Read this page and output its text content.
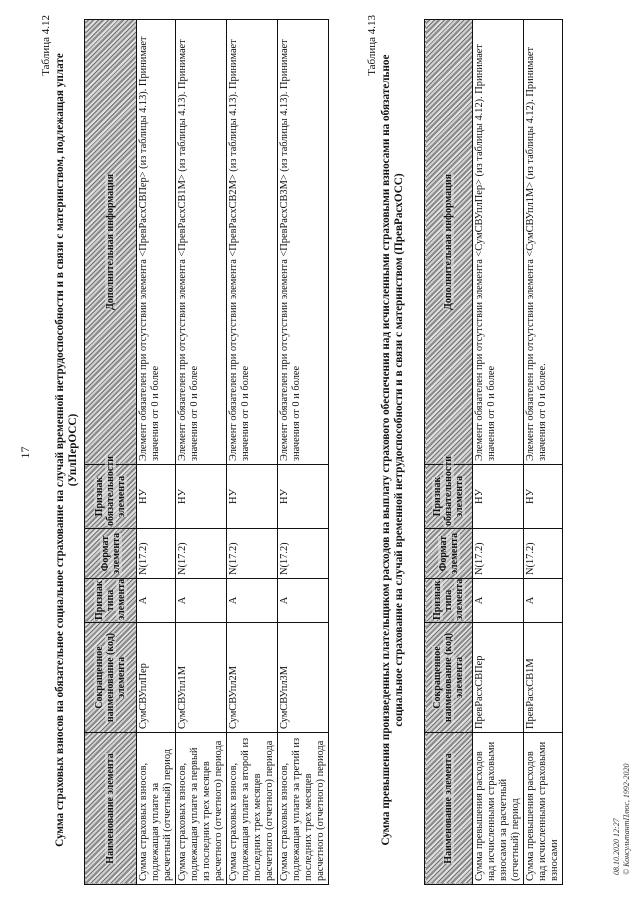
17
Таблица 4.12
Сумма страховых взносов на обязательное социальное страхование на случай временной нетрудоспособности и в связи с материнством, подлежащая уплате (УплПерОСС)
Наименование элемента	Сокращенное наименование (код) элемента	Признак типа элемента	Формат элемента	Признак обязательности элемента	Дополнительная информация
Сумма страховых взносов, подлежащая уплате за расчетный (отчетный) период	СумСВУплПер	А	N(17.2)	НУ	Элемент обязателен при отсутствии элемента <ПревРасхСВПер> (из таблицы 4.13). Принимает значения от 0 и более
Сумма страховых взносов, подлежащая уплате за первый из последних трех месяцев расчетного (отчетного) периода	СумСВУпл1М	А	N(17.2)	НУ	Элемент обязателен при отсутствии элемента <ПревРасхСВ1М> (из таблицы 4.13). Принимает значения от 0 и более
Сумма страховых взносов, подлежащая уплате за второй из последних трех месяцев расчетного (отчетного) периода	СумСВУпл2М	А	N(17.2)	НУ	Элемент обязателен при отсутствии элемента <ПревРасхСВ2М> (из таблицы 4.13). Принимает значения от 0 и более
Сумма страховых взносов, подлежащая уплате за третий из последних трех месяцев расчетного (отчетного) периода	СумСВУпл3М	А	N(17.2)	НУ	Элемент обязателен при отсутствии элемента <ПревРасхСВ3М> (из таблицы 4.13). Принимает значения от 0 и более
Таблица 4.13
Сумма превышения произведенных плательщиком расходов на выплату страхового обеспечения над исчисленными страховыми взносами на обязательное социальное страхование на случай временной нетрудоспособности и в связи с материнством (ПревРасхОСС)
Наименование элемента	Сокращенное наименование (код) элемента	Признак типа элемента	Формат элемента	Признак обязательности элемента	Дополнительная информация
Сумма превышения расходов над исчисленными страховыми взносами за расчетный (отчетный) период	ПревРасхСВПер	А	N(17.2)	НУ	Элемент обязателен при отсутствии элемента <СумСВУплПер> (из таблицы 4.12). Принимает значения от 0 и более
Сумма превышения расходов над исчисленными страховыми взносами	ПревРасхСВ1М	А	N(17.2)	НУ	Элемент обязателен при отсутствии элемента <СумСВУпл1М> (из таблицы 4.12). Принимает значения от 0 и более.
08.10.2020 12:27 © КонсультантПлюс, 1992-2020
